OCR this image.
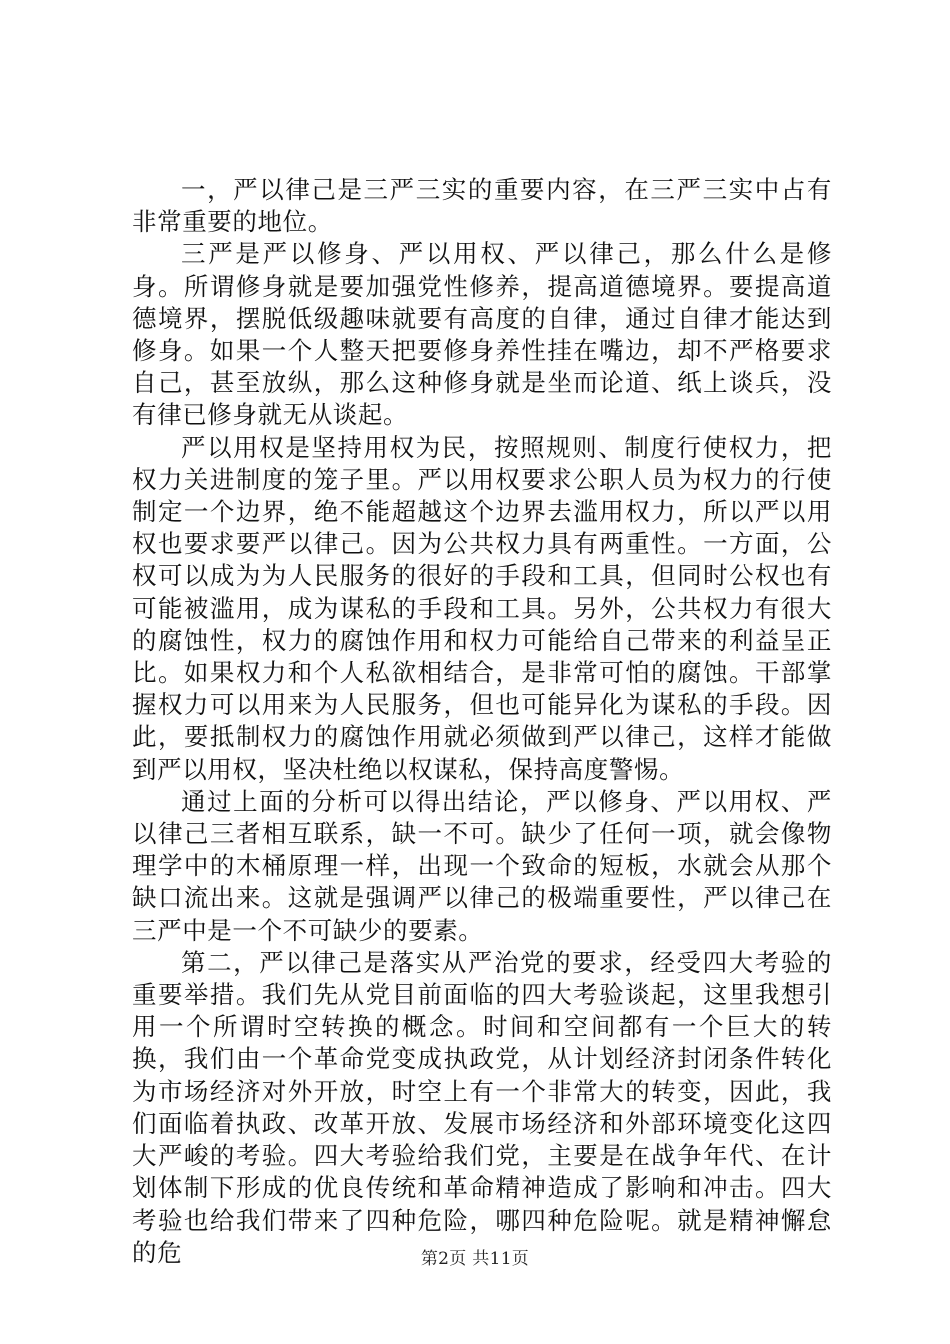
一，严以律己是三严三实的重要内容，在三严三实中占有非常重要的地位。

三严是严以修身、严以用权、严以律己，那么什么是修身。所谓修身就是要加强党性修养，提高道德境界。要提高道德境界，摆脱低级趣味就要有高度的自律，通过自律才能达到修身。如果一个人整天把要修身养性挂在嘴边，却不严格要求自己，甚至放纵，那么这种修身就是坐而论道、纸上谈兵，没有律已修身就无从谈起。

严以用权是坚持用权为民，按照规则、制度行使权力，把权力关进制度的笼子里。严以用权要求公职人员为权力的行使制定一个边界，绝不能超越这个边界去滥用权力，所以严以用权也要求要严以律己。因为公共权力具有两重性。一方面，公权可以成为为人民服务的很好的手段和工具，但同时公权也有可能被滥用，成为谋私的手段和工具。另外，公共权力有很大的腐蚀性，权力的腐蚀作用和权力可能给自己带来的利益呈正比。如果权力和个人私欲相结合，是非常可怕的腐蚀。干部掌握权力可以用来为人民服务，但也可能异化为谋私的手段。因此，要抵制权力的腐蚀作用就必须做到严以律己，这样才能做到严以用权，坚决杜绝以权谋私，保持高度警惕。

通过上面的分析可以得出结论，严以修身、严以用权、严以律己三者相互联系，缺一不可。缺少了任何一项，就会像物理学中的木桶原理一样，出现一个致命的短板，水就会从那个缺口流出来。这就是强调严以律己的极端重要性，严以律己在三严中是一个不可缺少的要素。

第二，严以律己是落实从严治党的要求，经受四大考验的重要举措。我们先从党目前面临的四大考验谈起，这里我想引用一个所谓时空转换的概念。时间和空间都有一个巨大的转换，我们由一个革命党变成执政党，从计划经济封闭条件转化为市场经济对外开放，时空上有一个非常大的转变，因此，我们面临着执政、改革开放、发展市场经济和外部环境变化这四大严峻的考验。四大考验给我们党，主要是在战争年代、在计划体制下形成的优良传统和革命精神造成了影响和冲击。四大考验也给我们带来了四种危险，哪四种危险呢。就是精神懈怠的危	第2页 共11页
